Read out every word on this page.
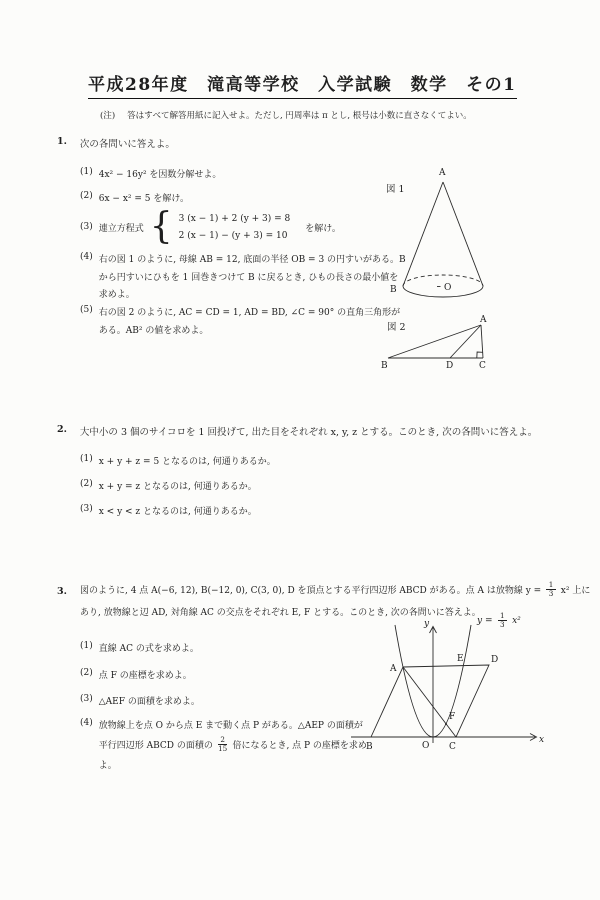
平成28年度　滝高等学校　入学試験　数学　その1
(注) 答はすべて解答用紙に記入せよ。ただし, 円周率は π とし, 根号は小数に直さなくてよい。
1. 次の各問いに答えよ。
(1) 4x² − 16y² を因数分解せよ。
(2) 6x − x² = 5 を解け。
(3) 連立方程式 { 3 (x − 1) + 2 (y + 3) = 8
2 (x − 1) − (y + 3) = 10
を解け。
(4) 右の図 1 のように, 母線 AB = 12, 底面の半径 OB = 3 の円すいがある。B
から円すいにひもを 1 回巻きつけて B に戻るとき, ひもの長さの最小値を
求めよ。
(5) 右の図 2 のように, AC = CD = 1, AD = BD, ∠C = 90° の直角三角形が
ある。AB² の値を求めよ。
図 1
A
B	O
図 2
A
B	D	C
2. 大中小の 3 個のサイコロを 1 回投げて, 出た目をそれぞれ x, y, z とする。このとき, 次の各問いに答えよ。
(1) x + y + z = 5 となるのは, 何通りあるか。
(2) x + y = z となるのは, 何通りあるか。
(3) x < y < z となるのは, 何通りあるか。
3. 図のように, 4 点 A(−6, 12), B(−12, 0), C(3, 0), D を頂点とする平行四辺形 ABCD がある。点 A は放物線 $y = \frac{1}{3} x^2$ 上に
あり, 放物線と辺 AD, 対角線 AC の交点をそれぞれ E, F とする。このとき, 次の各問いに答えよ。
(1) 直線 AC の式を求めよ。
(2) 点 F の座標を求めよ。
(3) △AEF の面積を求めよ。
(4) 放物線上を点 O から点 E まで動く点 P がある。△AEP の面積が
平行四辺形 ABCD の面積の $\frac{2}{15}$ 倍になるとき, 点 P の座標を求め
よ。
y
x
O
A
B	C
D
E
F
$y = \frac{1}{3} x^2$
